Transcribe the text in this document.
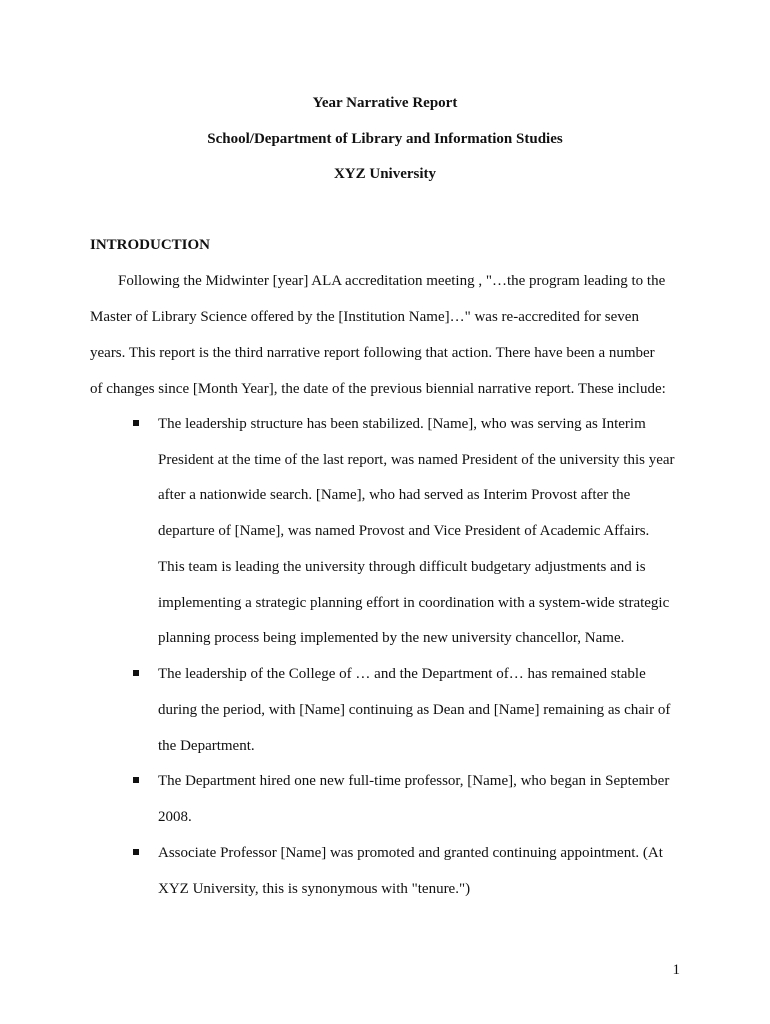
Year Narrative Report
School/Department of Library and Information Studies
XYZ University
INTRODUCTION
Following the Midwinter [year] ALA accreditation meeting , "…the program leading to the
Master of Library Science offered by the [Institution Name]…" was re-accredited for seven
years. This report is the third narrative report following that action. There have been a number
of changes since [Month Year], the date of the previous biennial narrative report. These include:
The leadership structure has been stabilized. [Name], who was serving as Interim
President at the time of the last report, was named President of the university this year
after a nationwide search. [Name], who had served as Interim Provost after the
departure of [Name], was named Provost and Vice President of Academic Affairs.
This team is leading the university through difficult budgetary adjustments and is
implementing a strategic planning effort in coordination with a system-wide strategic
planning process being implemented by the new university chancellor, Name.
The leadership of the College of … and the Department of… has remained stable
during the period, with [Name] continuing as Dean and [Name] remaining as chair of
the Department.
The Department hired one new full-time professor, [Name], who began in September
2008.
Associate Professor [Name] was promoted and granted continuing appointment. (At
XYZ University, this is synonymous with "tenure.")
1
